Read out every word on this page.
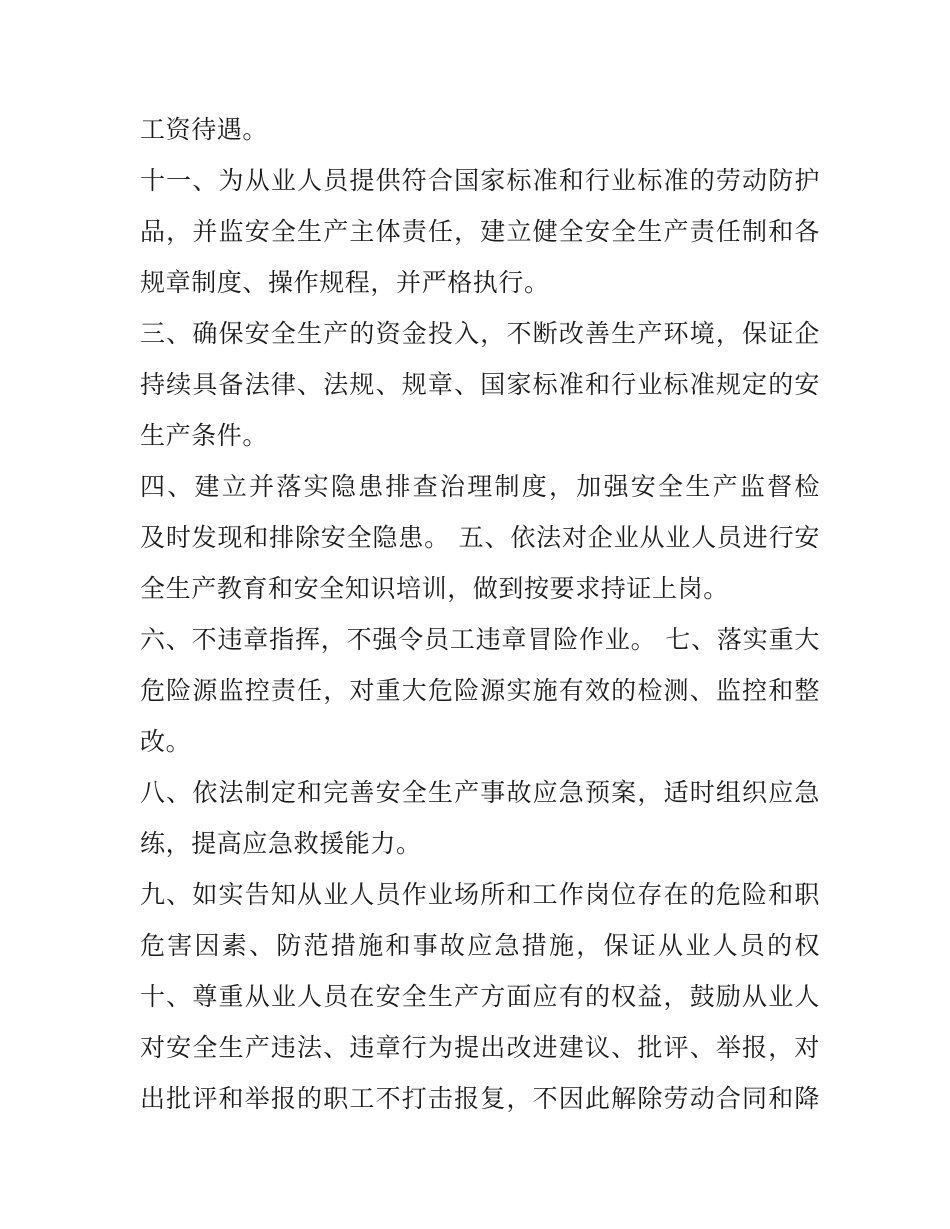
工资待遇。
十一、为从业人员提供符合国家标准和行业标准的劳动防护
品，并监安全生产主体责任，建立健全安全生产责任制和各
规章制度、操作规程，并严格执行。
三、确保安全生产的资金投入，不断改善生产环境，保证企
持续具备法律、法规、规章、国家标准和行业标准规定的安
生产条件。
四、建立并落实隐患排查治理制度，加强安全生产监督检
及时发现和排除安全隐患。 五、依法对企业从业人员进行安
全生产教育和安全知识培训，做到按要求持证上岗。
六、不违章指挥，不强令员工违章冒险作业。 七、落实重大
危险源监控责任，对重大危险源实施有效的检测、监控和整
改。
八、依法制定和完善安全生产事故应急预案，适时组织应急
练，提高应急救援能力。
九、如实告知从业人员作业场所和工作岗位存在的危险和职
危害因素、防范措施和事故应急措施，保证从业人员的权
十、尊重从业人员在安全生产方面应有的权益，鼓励从业人
对安全生产违法、违章行为提出改进建议、批评、举报，对
出批评和举报的职工不打击报复，不因此解除劳动合同和降
